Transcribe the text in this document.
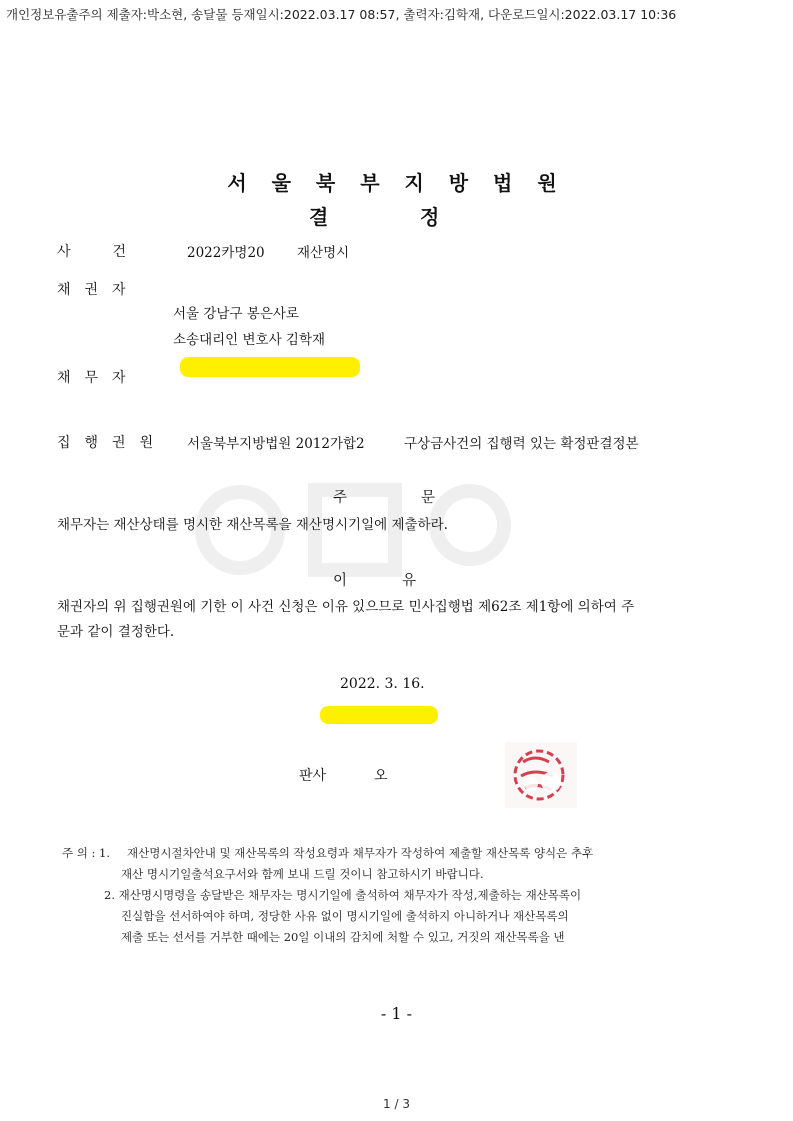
개인정보유출주의 제출자:박소현, 송달물 등재일시:2022.03.17 08:57, 출력자:김학재, 다운로드일시:2022.03.17 10:36
서 울 북 부 지 방 법 원
결	정
사　　　건	2022카명20 재산명시
채　권　자
서울 강남구 봉은사로
소송대리인 변호사 김학재
채　무　자
집　행　권　원	서울북부지방법원 2012가합2	구상금사건의 집행력 있는 확정판결정본
주	문
채무자는 재산상태를 명시한 재산목록을 재산명시기일에 제출하라.
이	유
채권자의 위 집행권원에 기한 이 사건 신청은 이유 있으므로 민사집행법 제62조 제1항에 의하여 주
문과 같이 결정한다.
2022. 3. 16.
판사	오
주 의 : 1. 재산명시절차안내 및 재산목록의 작성요령과 채무자가 작성하여 제출할 재산목록 양식은 추후
재산 명시기일출석요구서와 함께 보내 드릴 것이니 참고하시기 바랍니다.
2. 재산명시명령을 송달받은 채무자는 명시기일에 출석하여 채무자가 작성,제출하는 재산목록이
진실함을 선서하여야 하며, 정당한 사유 없이 명시기일에 출석하지 아니하거나 재산목록의
제출 또는 선서를 거부한 때에는 20일 이내의 감치에 처할 수 있고, 거짓의 재산목록을 낸
- 1 -
1 / 3
